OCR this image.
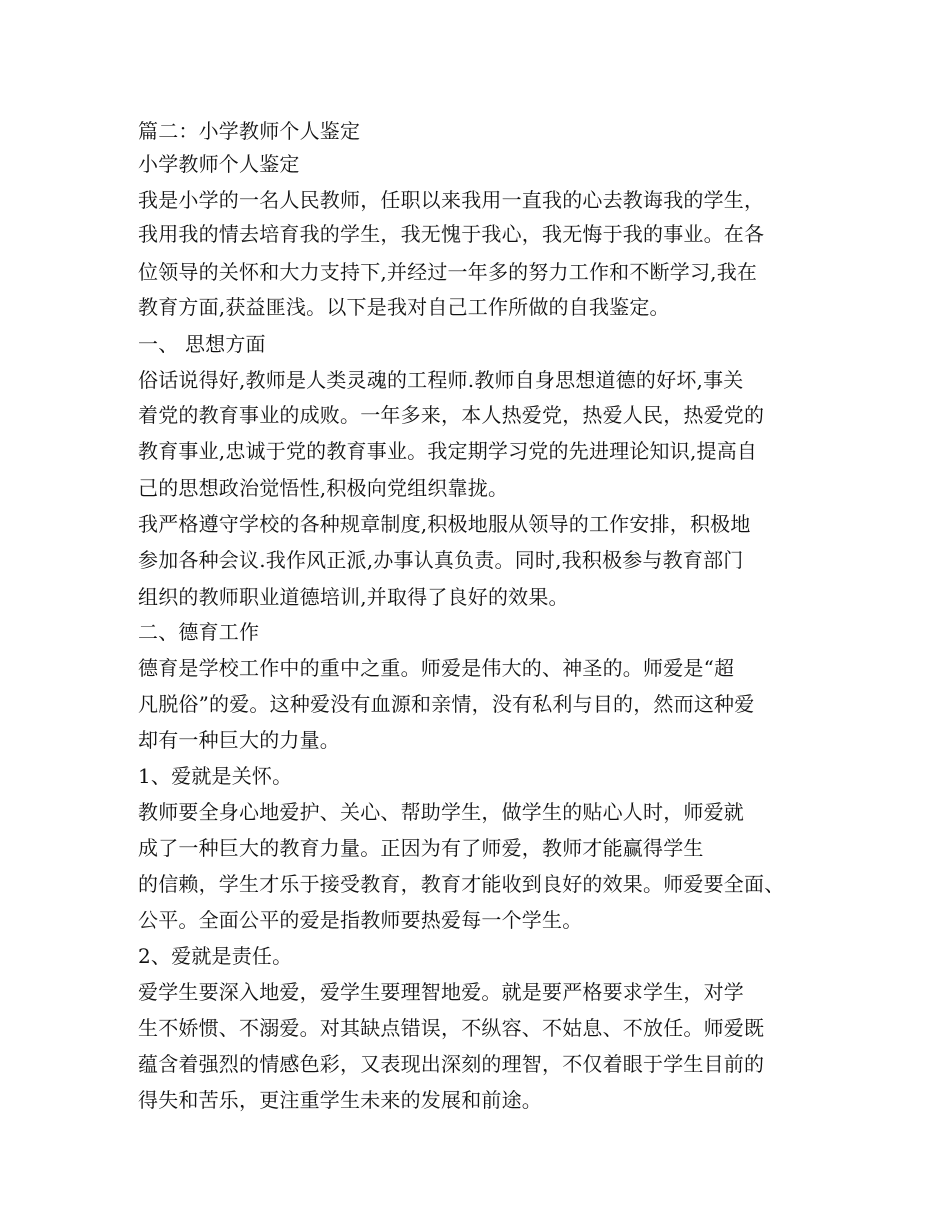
篇二：小学教师个人鉴定
小学教师个人鉴定
我是小学的一名人民教师，任职以来我用一直我的心去教诲我的学生，
我用我的情去培育我的学生，我无愧于我心，我无悔于我的事业。在各
位领导的关怀和大力支持下,并经过一年多的努力工作和不断学习,我在
教育方面,获益匪浅。以下是我对自己工作所做的自我鉴定。
一、 思想方面
俗话说得好,教师是人类灵魂的工程师.教师自身思想道德的好坏,事关
着党的教育事业的成败。一年多来，本人热爱党，热爱人民，热爱党的
教育事业,忠诚于党的教育事业。我定期学习党的先进理论知识,提高自
己的思想政治觉悟性,积极向党组织靠拢。
我严格遵守学校的各种规章制度,积极地服从领导的工作安排，积极地
参加各种会议.我作风正派,办事认真负责。同时,我积极参与教育部门
组织的教师职业道德培训,并取得了良好的效果。
二、德育工作
德育是学校工作中的重中之重。师爱是伟大的、神圣的。师爱是“超
凡脱俗”的爱。这种爱没有血源和亲情，没有私利与目的，然而这种爱
却有一种巨大的力量。
1、爱就是关怀。
教师要全身心地爱护、关心、帮助学生，做学生的贴心人时，师爱就
成了一种巨大的教育力量。正因为有了师爱，教师才能赢得学生
的信赖，学生才乐于接受教育，教育才能收到良好的效果。师爱要全面、
公平。全面公平的爱是指教师要热爱每一个学生。
2、爱就是责任。
爱学生要深入地爱，爱学生要理智地爱。就是要严格要求学生，对学
生不娇惯、不溺爱。对其缺点错误，不纵容、不姑息、不放任。师爱既
蕴含着强烈的情感色彩，又表现出深刻的理智，不仅着眼于学生目前的
得失和苦乐，更注重学生未来的发展和前途。
